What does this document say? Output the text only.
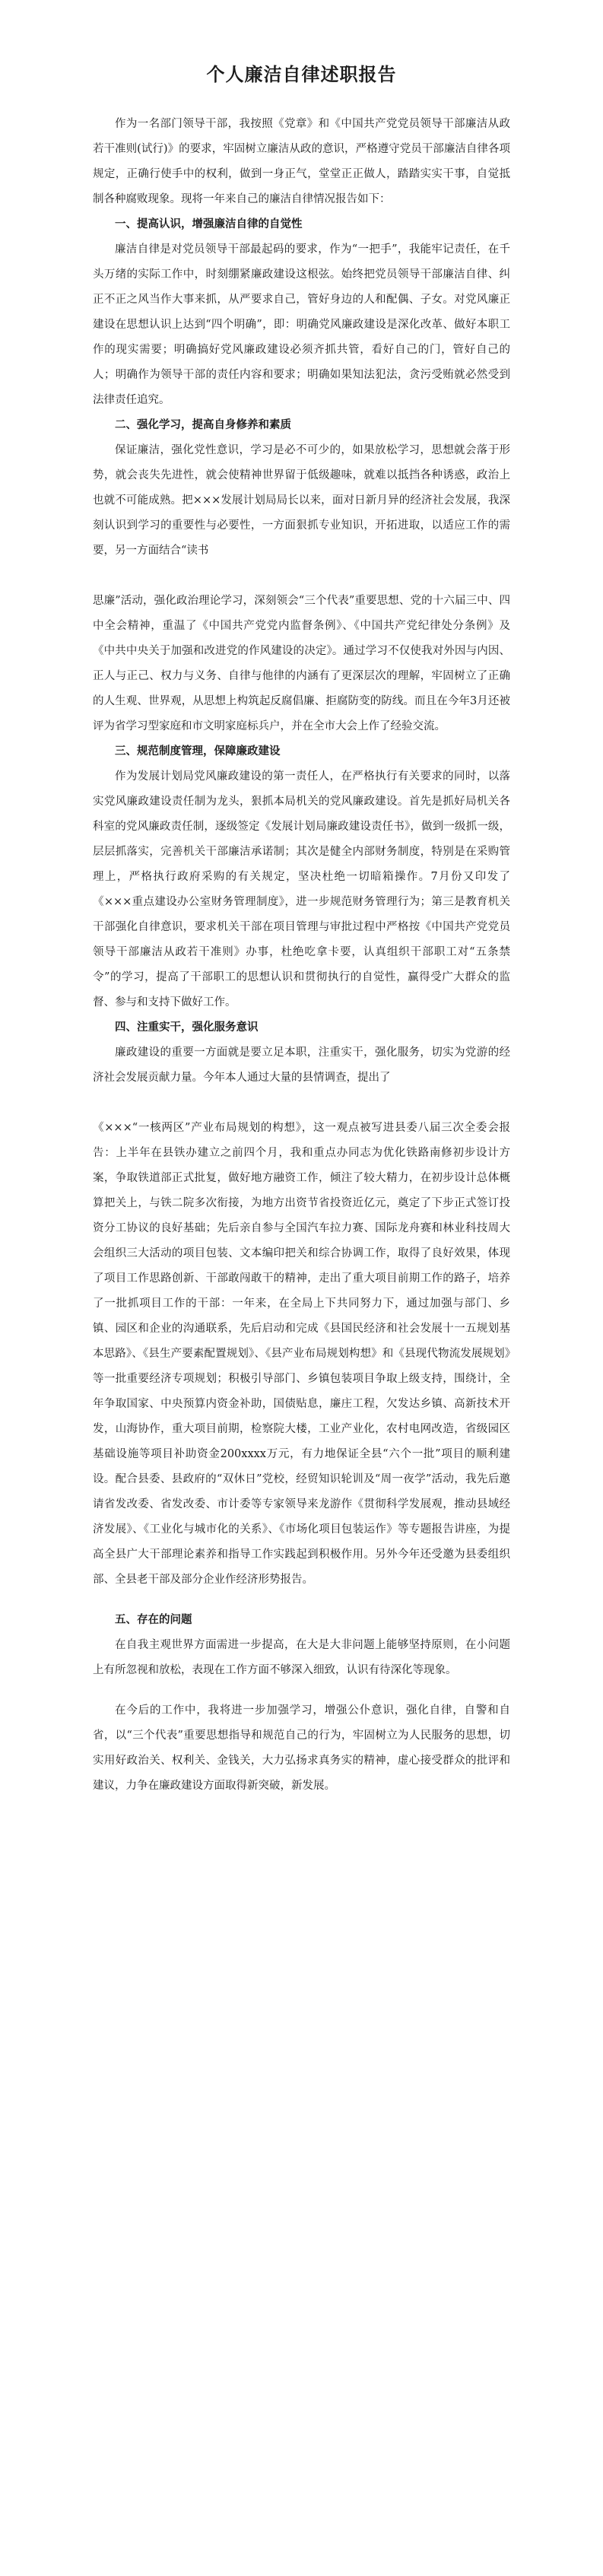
个人廉洁自律述职报告

作为一名部门领导干部，我按照《党章》和《中国共产党党员领导干部廉洁从政若干准则(试行)》的要求，牢固树立廉洁从政的意识，严格遵守党员干部廉洁自律各项规定，正确行使手中的权利，做到一身正气，堂堂正正做人，踏踏实实干事，自觉抵制各种腐败现象。现将一年来自己的廉洁自律情况报告如下：

一、提高认识，增强廉洁自律的自觉性

廉洁自律是对党员领导干部最起码的要求，作为“一把手”，我能牢记责任，在千头万绪的实际工作中，时刻绷紧廉政建设这根弦。始终把党员领导干部廉洁自律、纠正不正之风当作大事来抓，从严要求自己，管好身边的人和配偶、子女。对党风廉正建设在思想认识上达到“四个明确”，即：明确党风廉政建设是深化改革、做好本职工作的现实需要；明确搞好党风廉政建设必须齐抓共管，看好自己的门，管好自己的人；明确作为领导干部的责任内容和要求；明确如果知法犯法，贪污受贿就必然受到法律责任追究。

二、强化学习，提高自身修养和素质

保证廉洁，强化党性意识，学习是必不可少的，如果放松学习，思想就会落于形势，就会丧失先进性，就会使精神世界留于低级趣味，就难以抵挡各种诱惑，政治上也就不可能成熟。把×××发展计划局局长以来，面对日新月异的经济社会发展，我深刻认识到学习的重要性与必要性，一方面狠抓专业知识，开拓进取，以适应工作的需要，另一方面结合“读书

思廉”活动，强化政治理论学习，深刻领会“三个代表”重要思想、党的十六届三中、四中全会精神，重温了《中国共产党党内监督条例》、《中国共产党纪律处分条例》及《中共中央关于加强和改进党的作风建设的决定》。通过学习不仅使我对外因与内因、正人与正己、权力与义务、自律与他律的内涵有了更深层次的理解，牢固树立了正确的人生观、世界观，从思想上构筑起反腐倡廉、拒腐防变的防线。而且在今年3月还被评为省学习型家庭和市文明家庭标兵户，并在全市大会上作了经验交流。

三、规范制度管理，保障廉政建设

作为发展计划局党风廉政建设的第一责任人，在严格执行有关要求的同时，以落实党风廉政建设责任制为龙头，狠抓本局机关的党风廉政建设。首先是抓好局机关各科室的党风廉政责任制，逐级签定《发展计划局廉政建设责任书》，做到一级抓一级，层层抓落实，完善机关干部廉洁承诺制；其次是健全内部财务制度，特别是在采购管理上，严格执行政府采购的有关规定，坚决杜绝一切暗箱操作。7月份又印发了《×××重点建设办公室财务管理制度》，进一步规范财务管理行为；第三是教育机关干部强化自律意识，要求机关干部在项目管理与审批过程中严格按《中国共产党党员领导干部廉洁从政若干准则》办事，杜绝吃拿卡要，认真组织干部职工对“五条禁令”的学习，提高了干部职工的思想认识和贯彻执行的自觉性，赢得受广大群众的监督、参与和支持下做好工作。

四、注重实干，强化服务意识

廉政建设的重要一方面就是要立足本职，注重实干，强化服务，切实为党游的经济社会发展贡献力量。今年本人通过大量的县情调查，提出了

《×××“一核两区”产业布局规划的构想》，这一观点被写进县委八届三次全委会报告：上半年在县铁办建立之前四个月，我和重点办同志为优化铁路南修初步设计方案，争取铁道部正式批复，做好地方融资工作，倾注了较大精力，在初步设计总体概算把关上，与铁二院多次衔接，为地方出资节省投资近亿元，奠定了下步正式签订投资分工协议的良好基础；先后亲自参与全国汽车拉力赛、国际龙舟赛和林业科技周大会组织三大活动的项目包装、文本编印把关和综合协调工作，取得了良好效果，体现了项目工作思路创新、干部敢闯敢干的精神，走出了重大项目前期工作的路子，培养了一批抓项目工作的干部：一年来，在全局上下共同努力下，通过加强与部门、乡镇、园区和企业的沟通联系，先后启动和完成《县国民经济和社会发展十一五规划基本思路》、《县生产要素配置规划》、《县产业布局规划构想》和《县现代物流发展规划》等一批重要经济专项规划；积极引导部门、乡镇包装项目争取上级支持，围绕计，全年争取国家、中央预算内资金补助，国债贴息，廉庄工程，欠发达乡镇、高新技术开发，山海协作，重大项目前期，检察院大楼，工业产业化，农村电网改造，省级园区基础设施等项目补助资金200xxxx万元，有力地保证全县“六个一批”项目的顺利建设。配合县委、县政府的“双休日”党校，经贸知识轮训及“周一夜学”活动，我先后邀请省发改委、省发改委、市计委等专家领导来龙游作《贯彻科学发展观，推动县域经济发展》、《工业化与城市化的关系》、《市场化项目包装运作》等专题报告讲座，为提高全县广大干部理论素养和指导工作实践起到积极作用。另外今年还受邀为县委组织部、全县老干部及部分企业作经济形势报告。

五、存在的问题

在自我主观世界方面需进一步提高，在大是大非问题上能够坚持原则，在小问题上有所忽视和放松，表现在工作方面不够深入细致，认识有待深化等现象。

在今后的工作中，我将进一步加强学习，增强公仆意识，强化自律，自警和自省，以“三个代表”重要思想指导和规范自己的行为，牢固树立为人民服务的思想，切实用好政治关、权利关、金钱关，大力弘扬求真务实的精神，虚心接受群众的批评和建议，力争在廉政建设方面取得新突破，新发展。
